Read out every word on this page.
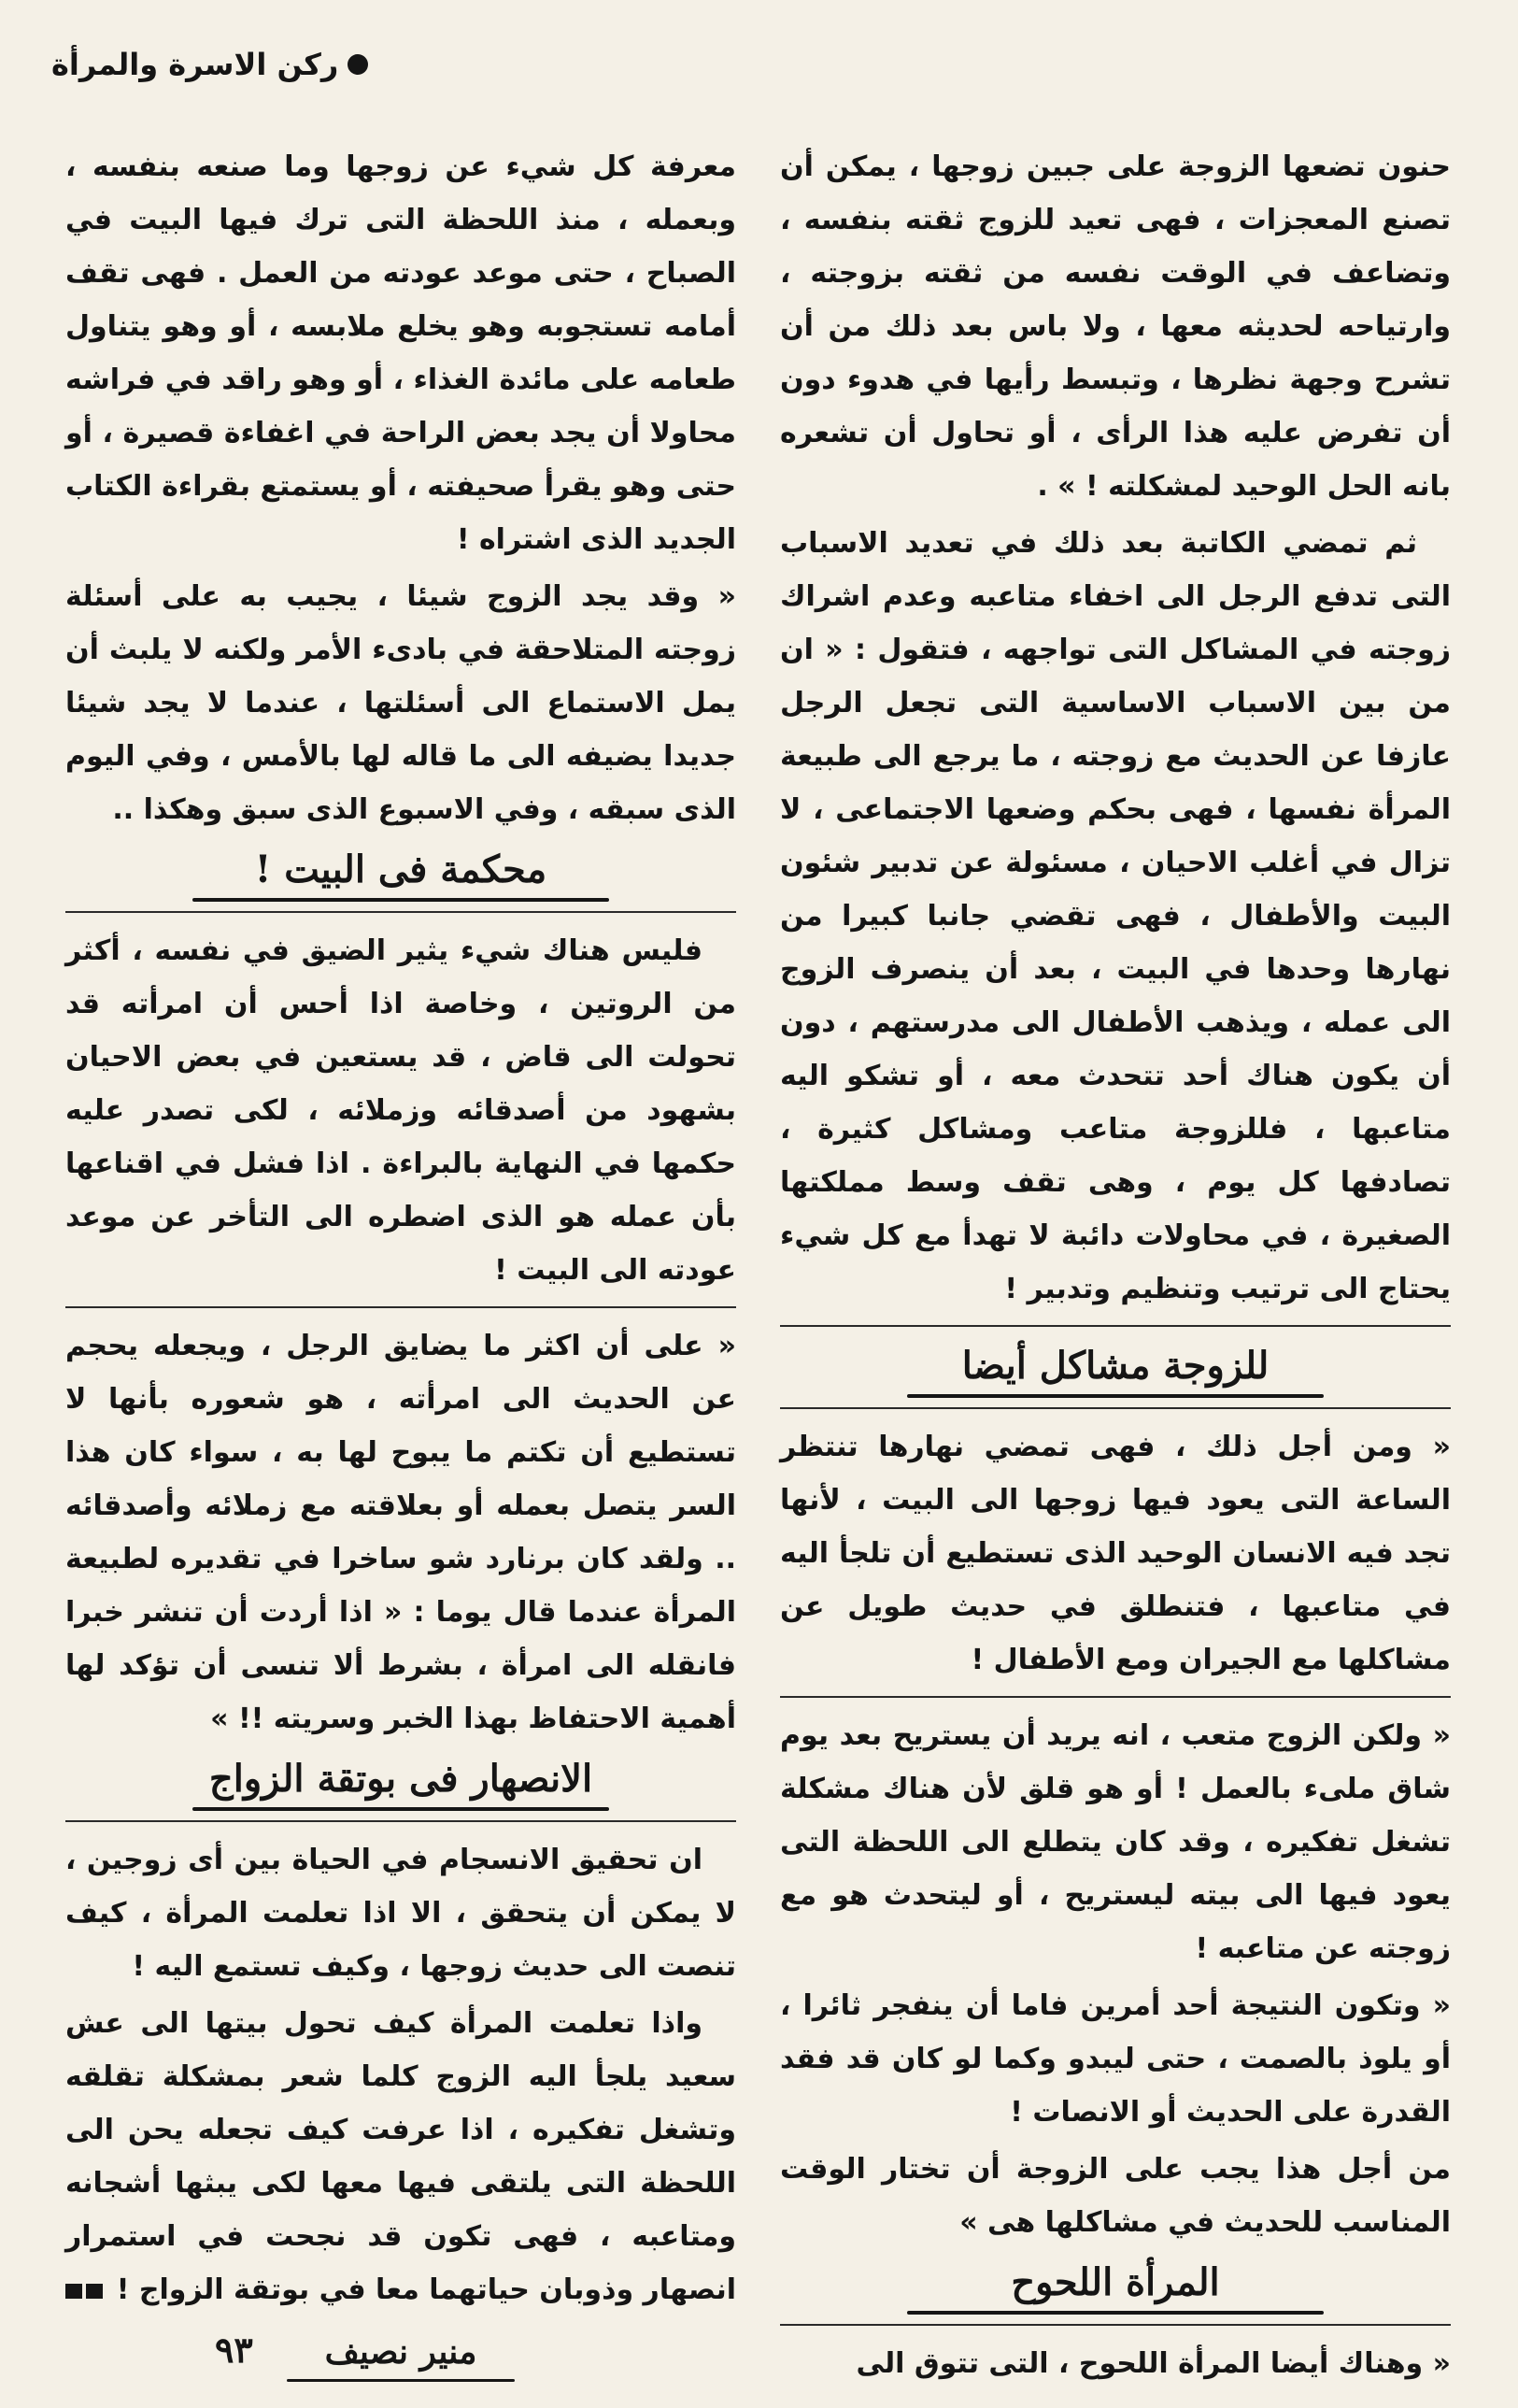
ركن الاسرة والمرأة

حنون تضعها الزوجة على جبين زوجها ، يمكن أن تصنع المعجزات ، فهى تعيد للزوج ثقته بنفسه ، وتضاعف في الوقت نفسه من ثقته بزوجته ، وارتياحه لحديثه معها ، ولا باس بعد ذلك من أن تشرح وجهة نظرها ، وتبسط رأيها في هدوء دون أن تفرض عليه هذا الرأى ، أو تحاول أن تشعره بانه الحل الوحيد لمشكلته ! » .

ثم تمضي الكاتبة بعد ذلك في تعديد الاسباب التى تدفع الرجل الى اخفاء متاعبه وعدم اشراك زوجته في المشاكل التى تواجهه ، فتقول : « ان من بين الاسباب الاساسية التى تجعل الرجل عازفا عن الحديث مع زوجته ، ما يرجع الى طبيعة المرأة نفسها ، فهى بحكم وضعها الاجتماعى ، لا تزال في أغلب الاحيان ، مسئولة عن تدبير شئون البيت والأطفال ، فهى تقضي جانبا كبيرا من نهارها وحدها في البيت ، بعد أن ينصرف الزوج الى عمله ، ويذهب الأطفال الى مدرستهم ، دون أن يكون هناك أحد تتحدث معه ، أو تشكو اليه متاعبها ، فللزوجة متاعب ومشاكل كثيرة ، تصادفها كل يوم ، وهى تقف وسط مملكتها الصغيرة ، في محاولات دائبة لا تهدأ مع كل شيء يحتاج الى ترتيب وتنظيم وتدبير !

للزوجة مشاكل أيضا

« ومن أجل ذلك ، فهى تمضي نهارها تنتظر الساعة التى يعود فيها زوجها الى البيت ، لأنها تجد فيه الانسان الوحيد الذى تستطيع أن تلجأ اليه في متاعبها ، فتنطلق في حديث طويل عن مشاكلها مع الجيران ومع الأطفال !

« ولكن الزوج متعب ، انه يريد أن يستريح بعد يوم شاق ملىء بالعمل ! أو هو قلق لأن هناك مشكلة تشغل تفكيره ، وقد كان يتطلع الى اللحظة التى يعود فيها الى بيته ليستريح ، أو ليتحدث هو مع زوجته عن متاعبه !

« وتكون النتيجة أحد أمرين فاما أن ينفجر ثائرا ، أو يلوذ بالصمت ، حتى ليبدو وكما لو كان قد فقد القدرة على الحديث أو الانصات !

من أجل هذا يجب على الزوجة أن تختار الوقت المناسب للحديث في مشاكلها هى »

المرأة اللحوح

« وهناك أيضا المرأة اللحوح ، التى تتوق الى

معرفة كل شيء عن زوجها وما صنعه بنفسه ، وبعمله ، منذ اللحظة التى ترك فيها البيت في الصباح ، حتى موعد عودته من العمل . فهى تقف أمامه تستجوبه وهو يخلع ملابسه ، أو وهو يتناول طعامه على مائدة الغذاء ، أو وهو راقد في فراشه محاولا أن يجد بعض الراحة في اغفاءة قصيرة ، أو حتى وهو يقرأ صحيفته ، أو يستمتع بقراءة الكتاب الجديد الذى اشتراه !

« وقد يجد الزوج شيئا ، يجيب به على أسئلة زوجته المتلاحقة في بادىء الأمر ولكنه لا يلبث أن يمل الاستماع الى أسئلتها ، عندما لا يجد شيئا جديدا يضيفه الى ما قاله لها بالأمس ، وفي اليوم الذى سبقه ، وفي الاسبوع الذى سبق وهكذا ..

محكمة فى البيت !

فليس هناك شيء يثير الضيق في نفسه ، أكثر من الروتين ، وخاصة اذا أحس أن امرأته قد تحولت الى قاض ، قد يستعين في بعض الاحيان بشهود من أصدقائه وزملائه ، لكى تصدر عليه حكمها في النهاية بالبراءة . اذا فشل في اقناعها بأن عمله هو الذى اضطره الى التأخر عن موعد عودته الى البيت !

« على أن اكثر ما يضايق الرجل ، ويجعله يحجم عن الحديث الى امرأته ، هو شعوره بأنها لا تستطيع أن تكتم ما يبوح لها به ، سواء كان هذا السر يتصل بعمله أو بعلاقته مع زملائه وأصدقائه .. ولقد كان برنارد شو ساخرا في تقديره لطبيعة المرأة عندما قال يوما : « اذا أردت أن تنشر خبرا فانقله الى امرأة ، بشرط ألا تنسى أن تؤكد لها أهمية الاحتفاظ بهذا الخبر وسريته !! »

الانصهار فى بوتقة الزواج

ان تحقيق الانسجام في الحياة بين أى زوجين ، لا يمكن أن يتحقق ، الا اذا تعلمت المرأة ، كيف تنصت الى حديث زوجها ، وكيف تستمع اليه !

واذا تعلمت المرأة كيف تحول بيتها الى عش سعيد يلجأ اليه الزوج كلما شعر بمشكلة تقلقه وتشغل تفكيره ، اذا عرفت كيف تجعله يحن الى اللحظة التى يلتقى فيها معها لكى يبثها أشجانه ومتاعبه ، فهى تكون قد نجحت في استمرار انصهار وذوبان حياتهما معا في بوتقة الزواج !

منير نصيف
٩٣
